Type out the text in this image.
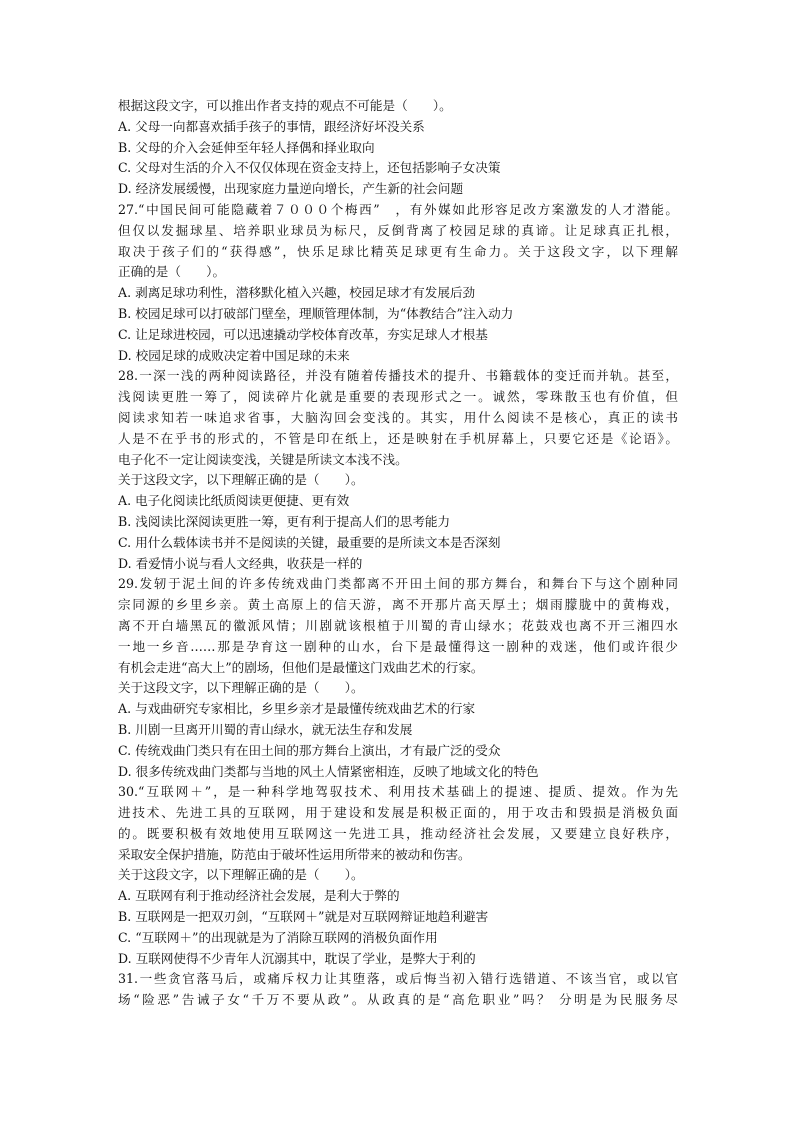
根据这段文字，可以推出作者支持的观点不可能是（　　）。
A. 父母一向都喜欢插手孩子的事情，跟经济好坏没关系
B. 父母的介入会延伸至年轻人择偶和择业取向
C. 父母对生活的介入不仅仅体现在资金支持上，还包括影响子女决策
D. 经济发展缓慢，出现家庭力量逆向增长，产生新的社会问题
27.“中国民间可能隐藏着７０００个梅西”　，有外媒如此形容足改方案激发的人才潜能。
但仅以发掘球星、培养职业球员为标尺，反倒背离了校园足球的真谛。让足球真正扎根，
取决于孩子们的“获得感”，快乐足球比精英足球更有生命力。关于这段文字，以下理解
正确的是（　　）。
A. 剥离足球功利性，潜移默化植入兴趣，校园足球才有发展后劲
B. 校园足球可以打破部门壁垒，理顺管理体制，为“体教结合”注入动力
C. 让足球进校园，可以迅速撬动学校体育改革，夯实足球人才根基
D. 校园足球的成败决定着中国足球的未来
28.一深一浅的两种阅读路径，并没有随着传播技术的提升、书籍载体的变迁而并轨。甚至，
浅阅读更胜一筹了，阅读碎片化就是重要的表现形式之一。诚然，零珠散玉也有价值，但
阅读求知若一味追求省事，大脑沟回会变浅的。其实，用什么阅读不是核心，真正的读书
人是不在乎书的形式的，不管是印在纸上，还是映射在手机屏幕上，只要它还是《论语》。
电子化不一定让阅读变浅，关键是所读文本浅不浅。
关于这段文字，以下理解正确的是（　　）。
A. 电子化阅读比纸质阅读更便捷、更有效
B. 浅阅读比深阅读更胜一筹，更有利于提高人们的思考能力
C. 用什么载体读书并不是阅读的关键，最重要的是所读文本是否深刻
D. 看爱情小说与看人文经典，收获是一样的
29.发轫于泥土间的许多传统戏曲门类都离不开田土间的那方舞台，和舞台下与这个剧种同
宗同源的乡里乡亲。黄土高原上的信天游，离不开那片高天厚土；烟雨朦胧中的黄梅戏，
离不开白墙黑瓦的徽派风情；川剧就该根植于川蜀的青山绿水；花鼓戏也离不开三湘四水
一地一乡音……那是孕育这一剧种的山水，台下是最懂得这一剧种的戏迷，他们或许很少
有机会走进“高大上”的剧场，但他们是最懂这门戏曲艺术的行家。
关于这段文字，以下理解正确的是（　　）。
A. 与戏曲研究专家相比，乡里乡亲才是最懂传统戏曲艺术的行家
B. 川剧一旦离开川蜀的青山绿水，就无法生存和发展
C. 传统戏曲门类只有在田土间的那方舞台上演出，才有最广泛的受众
D. 很多传统戏曲门类都与当地的风土人情紧密相连，反映了地域文化的特色
30.“互联网＋”，是一种科学地驾驭技术、利用技术基础上的提速、提质、提效。作为先
进技术、先进工具的互联网，用于建设和发展是积极正面的，用于攻击和毁损是消极负面
的。既要积极有效地使用互联网这一先进工具，推动经济社会发展，又要建立良好秩序，
采取安全保护措施，防范由于破坏性运用所带来的被动和伤害。
关于这段文字，以下理解正确的是（　　）。
A. 互联网有利于推动经济社会发展，是利大于弊的
B. 互联网是一把双刃剑，“互联网＋”就是对互联网辩证地趋利避害
C. “互联网＋”的出现就是为了消除互联网的消极负面作用
D. 互联网使得不少青年人沉溺其中，耽误了学业，是弊大于利的
31.一些贪官落马后，或痛斥权力让其堕落，或后悔当初入错行选错道、不该当官，或以官
场“险恶”告诫子女“千万不要从政”。从政真的是“高危职业”吗？ 分明是为民服务尽
